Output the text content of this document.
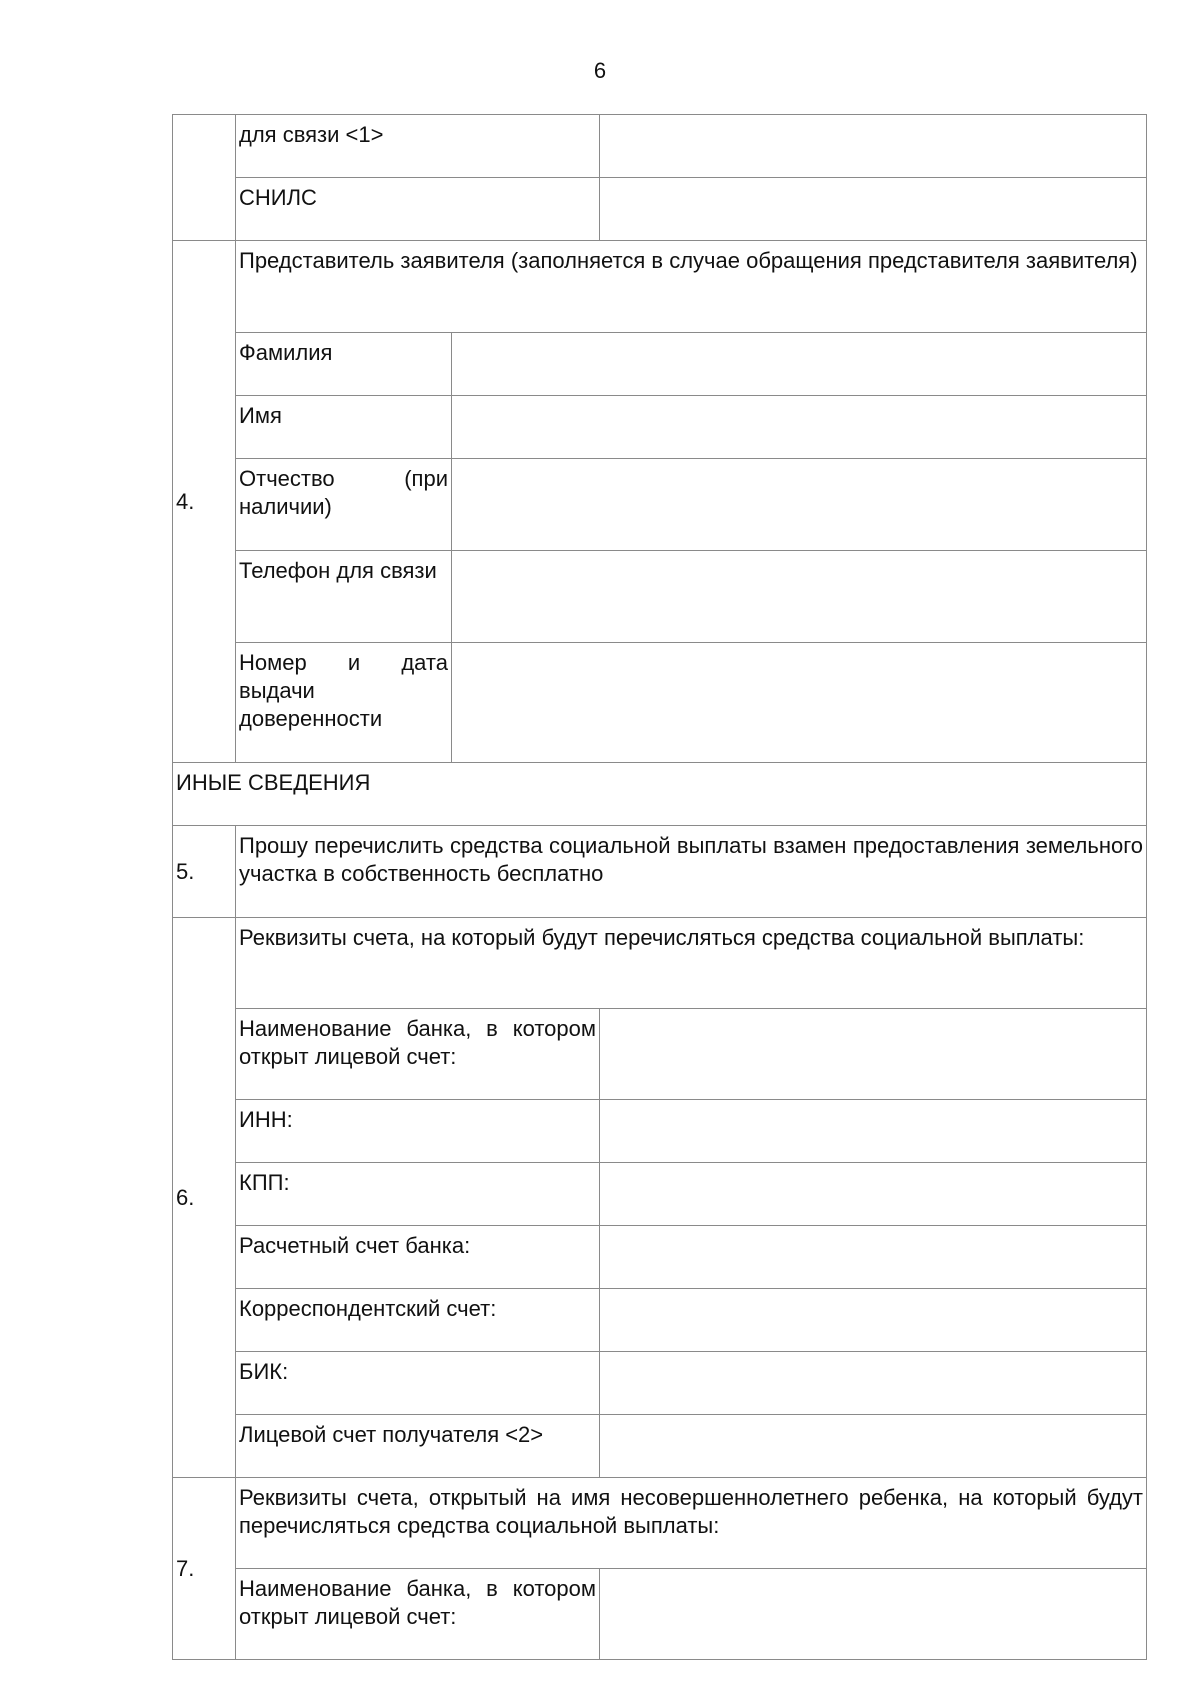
6
	для связи <1>		
	СНИЛС		
4.	Представитель заявителя (заполняется в случае обращения представителя заявителя)		
	Фамилия		
	Имя		
	Отчество (при наличии)		
	Телефон для связи		
	Номер и дата выдачи доверенности		
ИНЫЕ СВЕДЕНИЯ			
5.	Прошу перечислить средства социальной выплаты взамен предоставления земельного участка в собственность бесплатно		
6.	Реквизиты счета, на который будут перечисляться средства социальной выплаты:		
	Наименование банка, в котором открыт лицевой счет:		
	ИНН:		
	КПП:		
	Расчетный счет банка:		
	Корреспондентский счет:		
	БИК:		
	Лицевой счет получателя <2>		
7.	Реквизиты счета, открытый на имя несовершеннолетнего ребенка, на который будут перечисляться средства социальной выплаты:		
	Наименование банка, в котором открыт лицевой счет:		
